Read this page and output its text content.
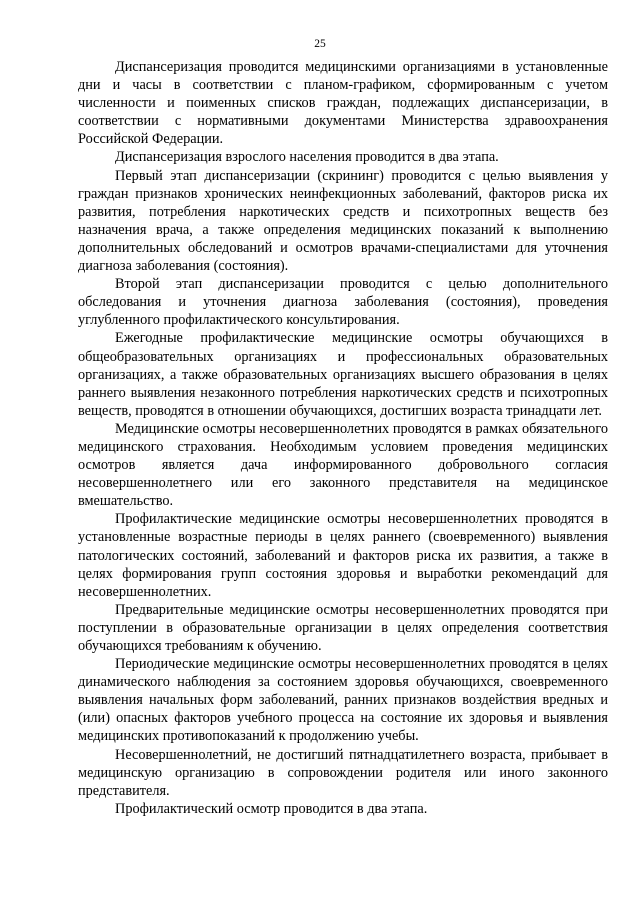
25

Диспансеризация проводится медицинскими организациями в установленные дни и часы в соответствии с планом-графиком, сформированным с учетом численности и поименных списков граждан, подлежащих диспансеризации, в соответствии с нормативными документами Министерства здравоохранения Российской Федерации.

Диспансеризация взрослого населения проводится в два этапа.

Первый этап диспансеризации (скрининг) проводится с целью выявления у граждан признаков хронических неинфекционных заболеваний, факторов риска их развития, потребления наркотических средств и психотропных веществ без назначения врача, а также определения медицинских показаний к выполнению дополнительных обследований и осмотров врачами-специалистами для уточнения диагноза заболевания (состояния).

Второй этап диспансеризации проводится с целью дополнительного обследования и уточнения диагноза заболевания (состояния), проведения углубленного профилактического консультирования.

Ежегодные профилактические медицинские осмотры обучающихся в общеобразовательных организациях и профессиональных образовательных организациях, а также образовательных организациях высшего образования в целях раннего выявления незаконного потребления наркотических средств и психотропных веществ, проводятся в отношении обучающихся, достигших возраста тринадцати лет.

Медицинские осмотры несовершеннолетних проводятся в рамках обязательного медицинского страхования. Необходимым условием проведения медицинских осмотров является дача информированного добровольного согласия несовершеннолетнего или его законного представителя на медицинское вмешательство.

Профилактические медицинские осмотры несовершеннолетних проводятся в установленные возрастные периоды в целях раннего (своевременного) выявления патологических состояний, заболеваний и факторов риска их развития, а также в целях формирования групп состояния здоровья и выработки рекомендаций для несовершеннолетних.

Предварительные медицинские осмотры несовершеннолетних проводятся при поступлении в образовательные организации в целях определения соответствия обучающихся требованиям к обучению.

Периодические медицинские осмотры несовершеннолетних проводятся в целях динамического наблюдения за состоянием здоровья обучающихся, своевременного выявления начальных форм заболеваний, ранних признаков воздействия вредных и (или) опасных факторов учебного процесса на состояние их здоровья и выявления медицинских противопоказаний к продолжению учебы.

Несовершеннолетний, не достигший пятнадцатилетнего возраста, прибывает в медицинскую организацию в сопровождении родителя или иного законного представителя.

Профилактический осмотр проводится в два этапа.
